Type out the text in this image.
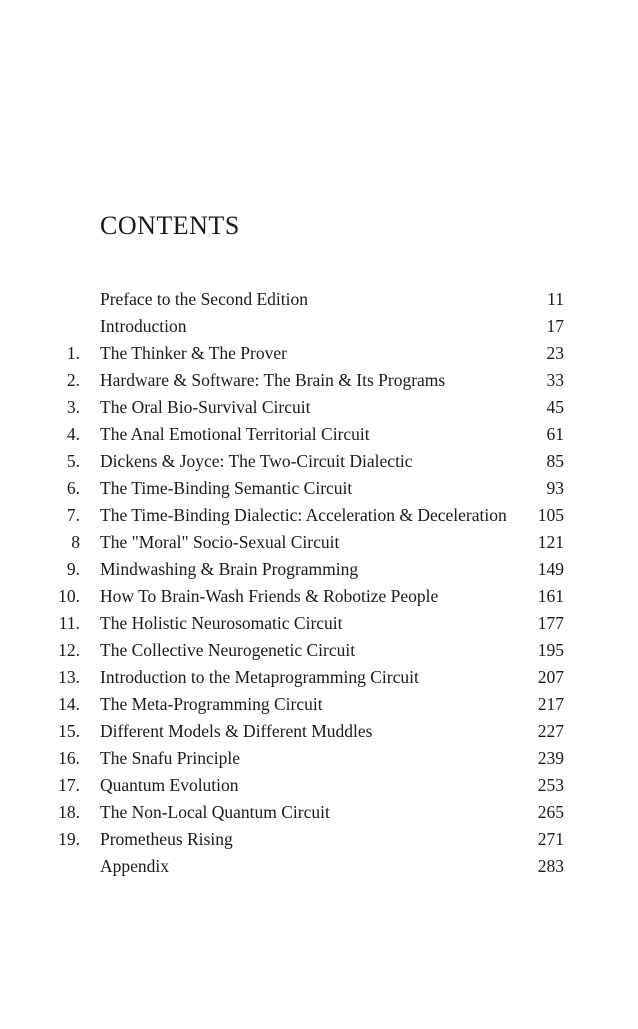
CONTENTS
Preface to the Second Edition	11
Introduction	17
1. The Thinker & The Prover	23
2. Hardware & Software: The Brain & Its Programs	33
3. The Oral Bio-Survival Circuit	45
4. The Anal Emotional Territorial Circuit	61
5. Dickens & Joyce: The Two-Circuit Dialectic	85
6. The Time-Binding Semantic Circuit	93
7. The Time-Binding Dialectic: Acceleration & Deceleration 105
8 The "Moral" Socio-Sexual Circuit	121
9. Mindwashing & Brain Programming	149
10. How To Brain-Wash Friends & Robotize People	161
11. The Holistic Neurosomatic Circuit	177
12. The Collective Neurogenetic Circuit	195
13. Introduction to the Metaprogramming Circuit	207
14. The Meta-Programming Circuit	217
15. Different Models & Different Muddles	227
16. The Snafu Principle	239
17. Quantum Evolution	253
18. The Non-Local Quantum Circuit	265
19. Prometheus Rising	271
Appendix	283
